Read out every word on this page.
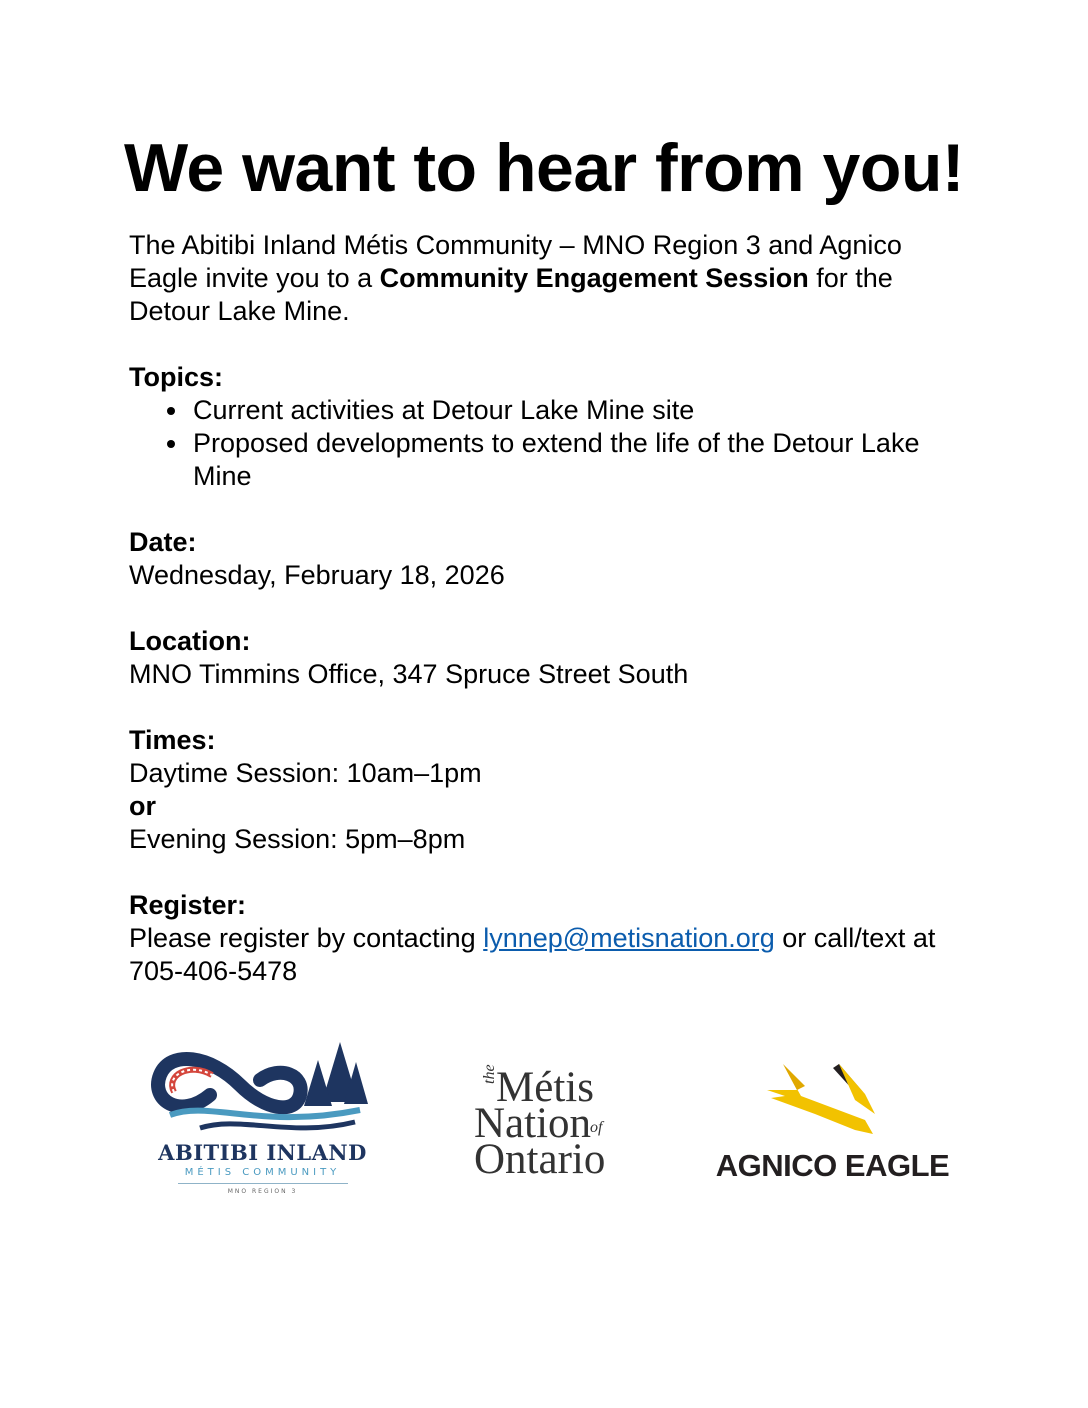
We want to hear from you!

The Abitibi Inland Métis Community – MNO Region 3 and Agnico Eagle invite you to a Community Engagement Session for the Detour Lake Mine.

Topics:

Current activities at Detour Lake Mine site
Proposed developments to extend the life of the Detour Lake Mine

Date:

Wednesday, February 18, 2026

Location:

MNO Timmins Office, 347 Spruce Street South

Times:

Daytime Session: 10am–1pm

or

Evening Session: 5pm–8pm

Register:

Please register by contacting lynnep@metisnation.org or call/text at 705-406-5478

ABITIBI INLAND
MÉTIS COMMUNITY
MNO REGION 3
the
Métis
Nation
of
Ontario	AGNICO EAGLE
